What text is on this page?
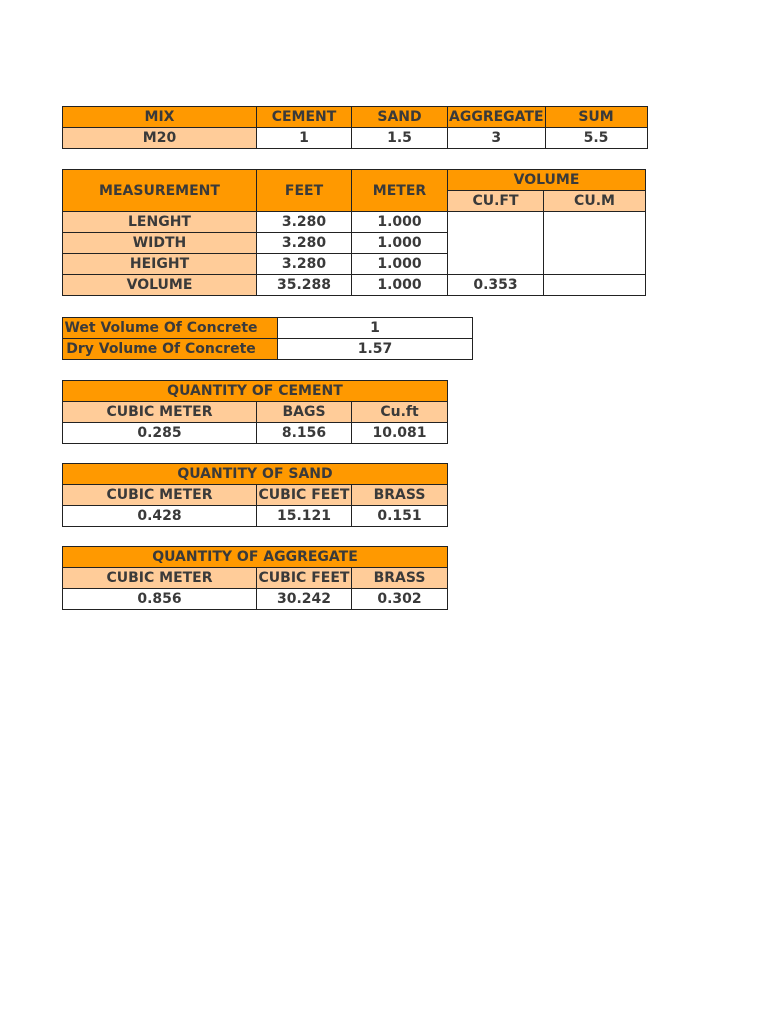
MIX	CEMENT	SAND	AGGREGATE	SUM
M20	1	1.5	3	5.5
MEASUREMENT	FEET	METER	VOLUME	
			CU.FT	CU.M
LENGHT	3.280	1.000		
WIDTH	3.280	1.000		
HEIGHT	3.280	1.000		
VOLUME	35.288	1.000	0.353	
Wet Volume Of Concrete	1

Dry Volume Of Concrete	1.57
QUANTITY OF CEMENT		
CUBIC METER	BAGS	Cu.ft
0.285	8.156	10.081
QUANTITY OF SAND		
CUBIC METER	CUBIC FEET	BRASS
0.428	15.121	0.151
QUANTITY OF AGGREGATE		
CUBIC METER	CUBIC FEET	BRASS
0.856	30.242	0.302
